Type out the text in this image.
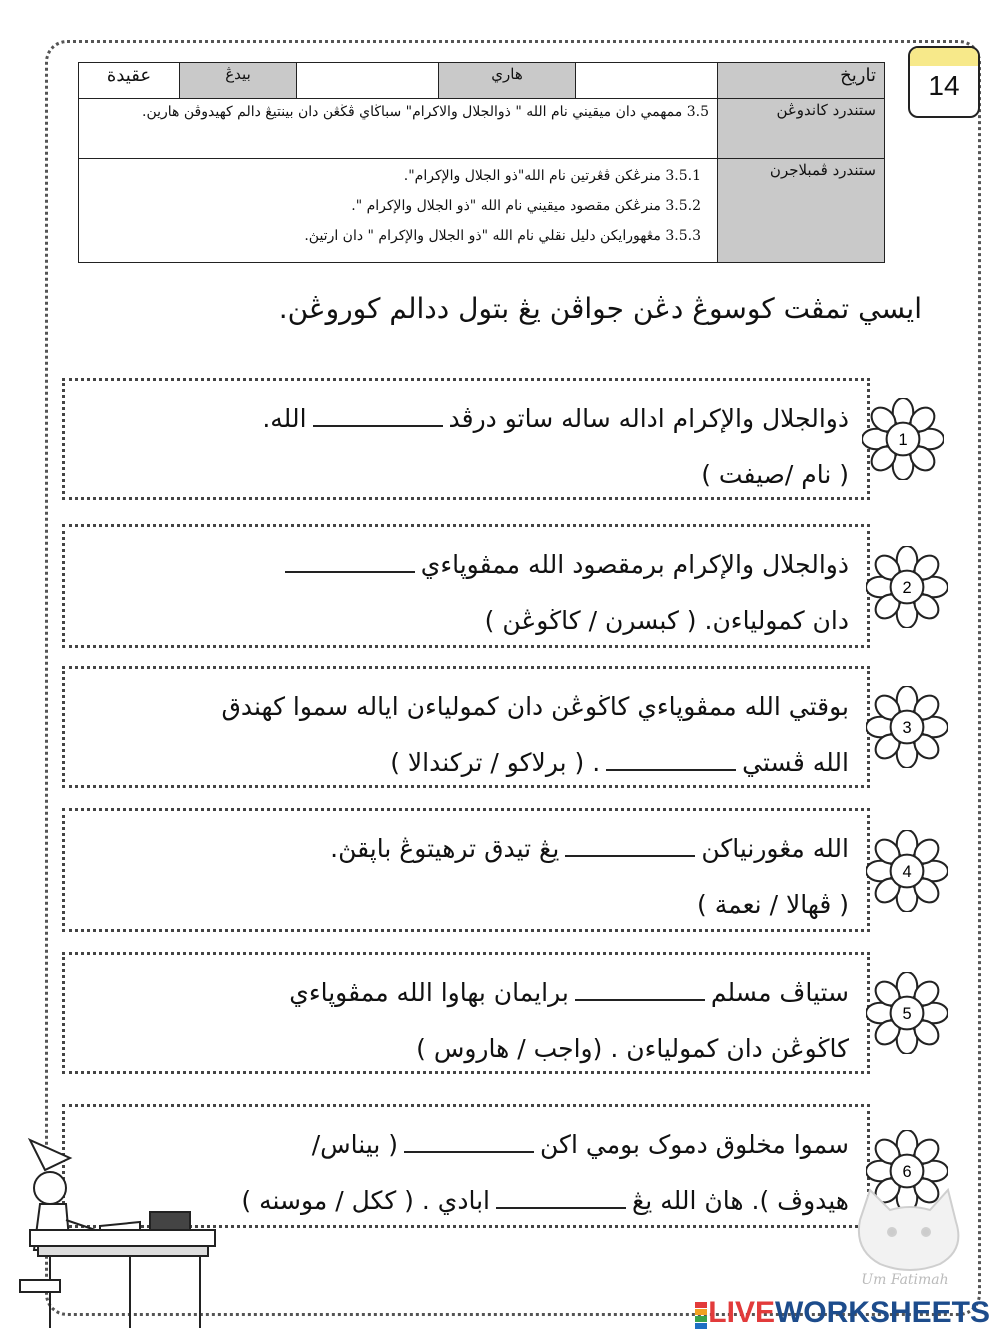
14
تاريخ		هاري		بيدڠ	عقيدة
ستندرد كاندوڠن	3.5 ممهمي دان ميقيني نام الله " ذوالجلال والاكرام" سباڬاي ڤڬڠن دان بينتيڠ دالم كهيدوڤن هارين.				
ستندرد ڤمبلاجرن	3.5.1 منرڠكن ڤڠرتين نام الله"ذو الجلال والإكرام".
3.5.2 منرڠكن مقصود ميقيني نام الله "ذو الجلال والإكرام ".
3.5.3 مڠهورايكن دليل نقلي نام الله "ذو الجلال والإكرام " دان ارتيڽ.				
ايسي تمڤت كوسوڠ دڠن جواڤن يڠ بتول ددالم كوروڠن.
ذوالجلال والإكرام اداله ساله ساتو درڤدالله.
( نام /صيفت )
ذوالجلال والإكرام برمقصود الله ممڤوڽاءي
دان كمولياءن. ( كبسرن / كاڬوڠن )
بوقتي الله ممڤوڽاءي كاڬوڠن دان كمولياءن اياله سموا كهندق
الله ڤستي. ( برلاكو / تركندالا )
الله مڠورنياكنيڠ تيدق ترهيتوڠ باڽقڽ.
( ڤهالا / نعمة )
ستياڤ مسلمبرايمان بهاوا الله ممڤوڽاءي
كاڬوڠن دان كمولياءن . (واجب / هاروس )
سموا مخلوق دموک بومي اكن( بيناس/
هيدوڤ ). هاڽ الله يڠابادي . ( ككل / موسنه )
1
2
3
4
5
6
Um Fatimah
LIVEWORKSHEETS
